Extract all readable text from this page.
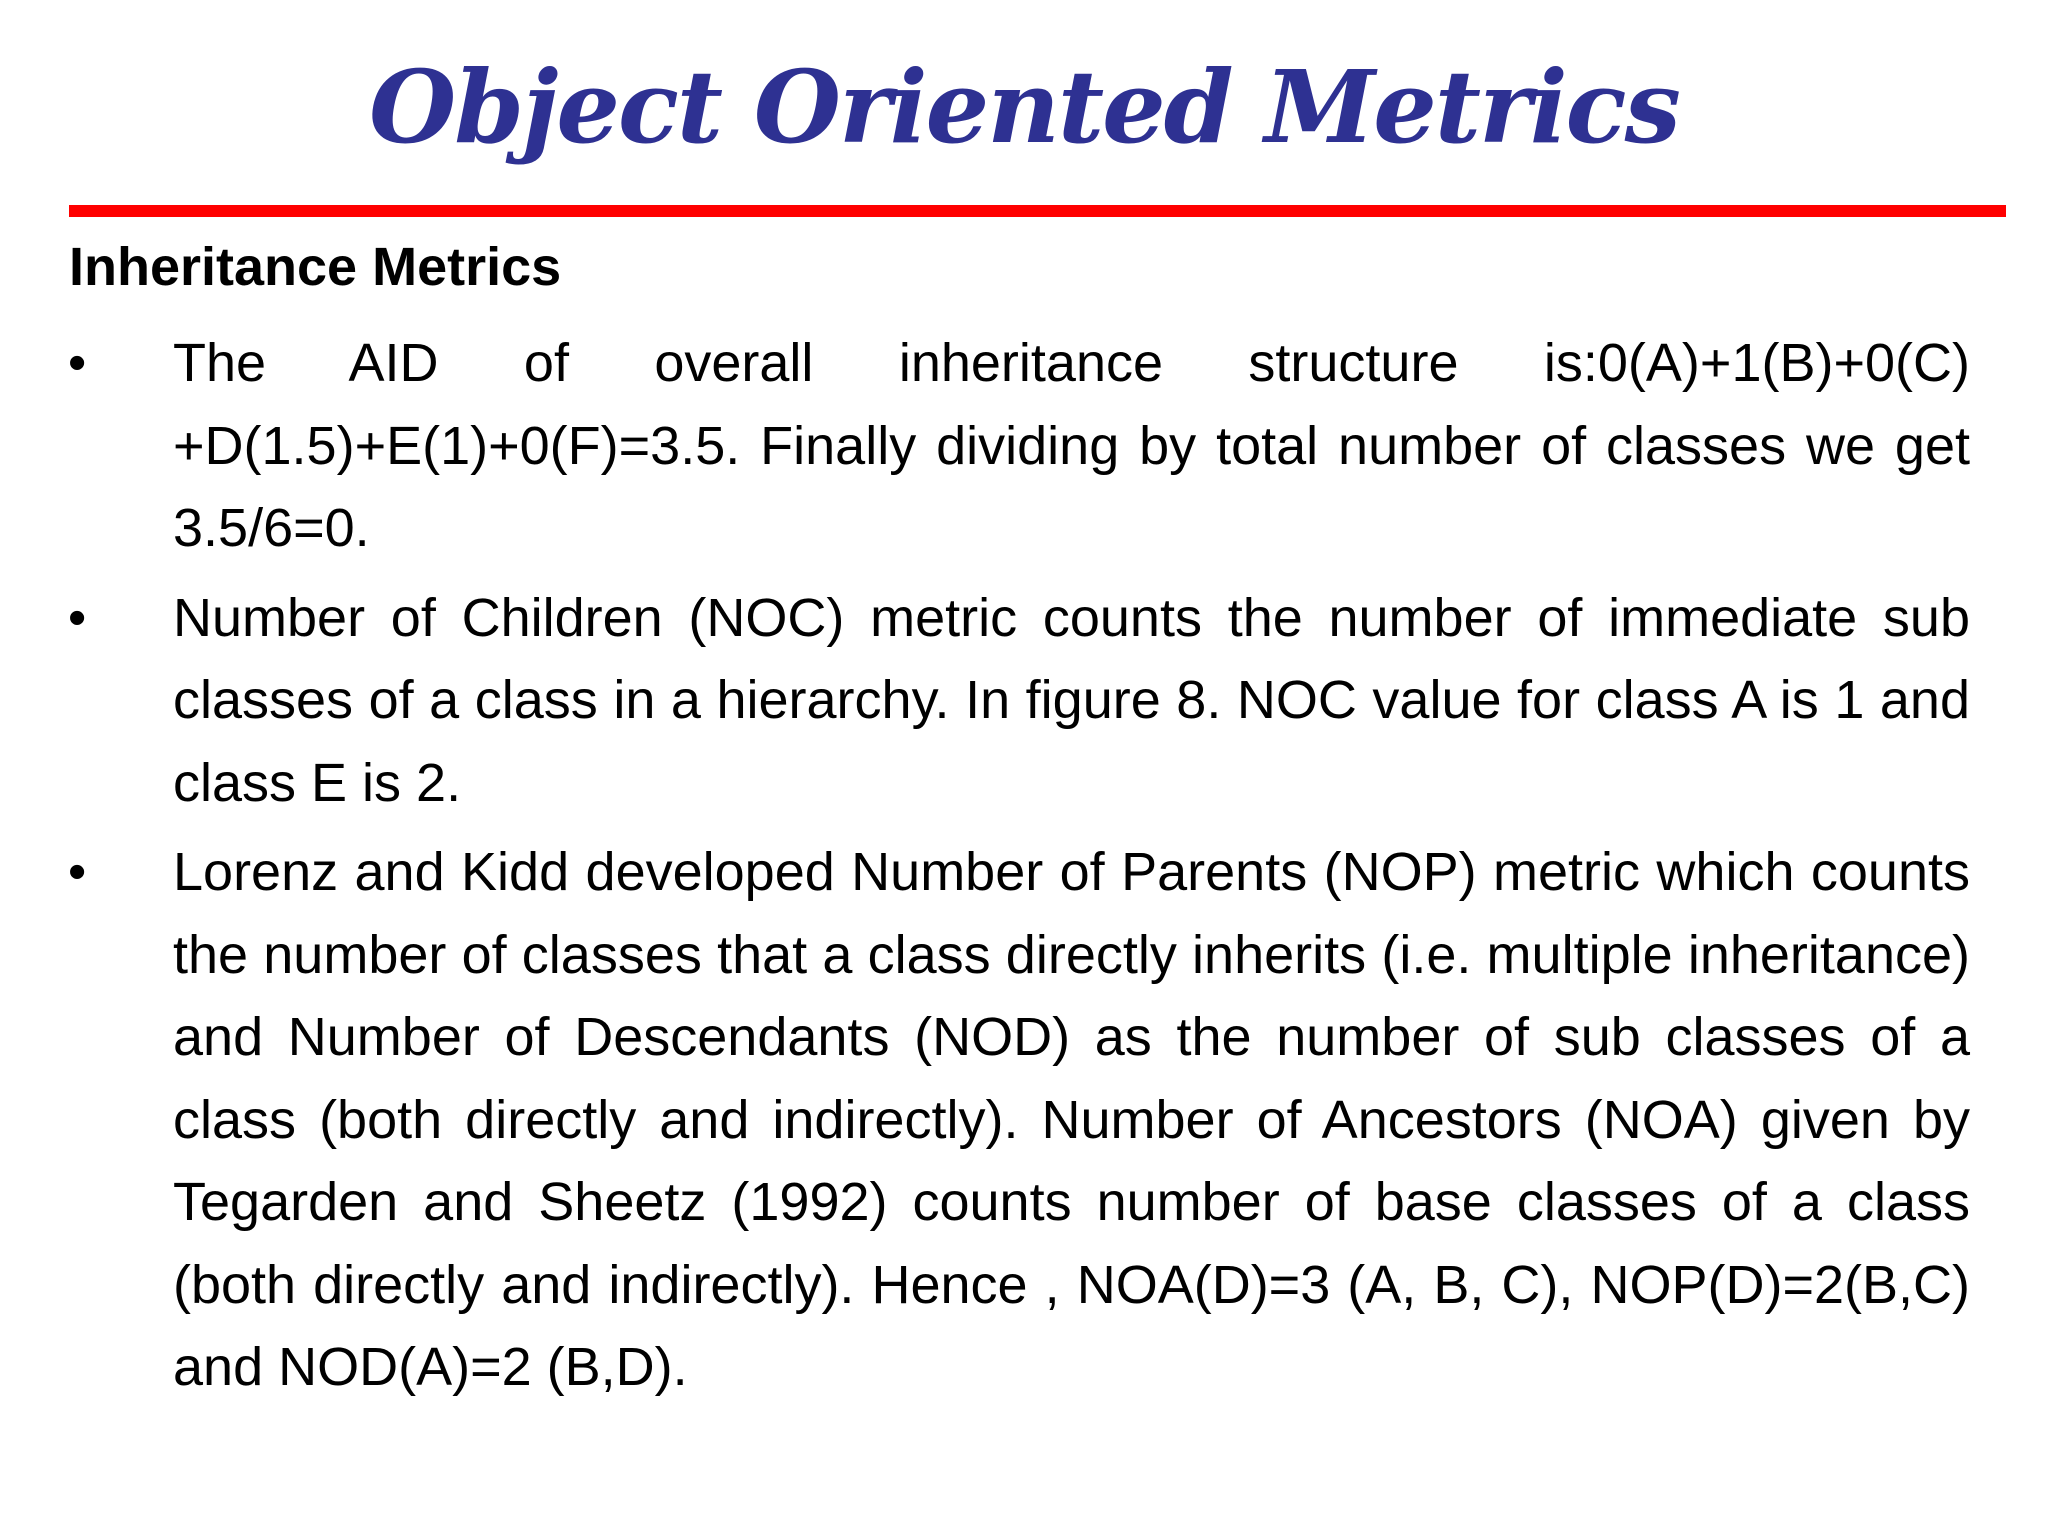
Object Oriented Metrics
Inheritance Metrics
• The AID of overall inheritance structure is:0(A)+1(B)+0(C) +D(1.5)+E(1)+0(F)=3.5. Finally dividing by total number of classes we get 3.5/6=0.
• Number of Children (NOC) metric counts the number of immediate sub classes of a class in a hierarchy. In figure 8. NOC value for class A is 1 and class E is 2.
• Lorenz and Kidd developed Number of Parents (NOP) metric which counts the number of classes that a class directly inherits (i.e. multiple inheritance) and Number of Descendants (NOD) as the number of sub classes of a class (both directly and indirectly). Number of Ancestors (NOA) given by Tegarden and Sheetz (1992) counts number of base classes of a class (both directly and indirectly). Hence , NOA(D)=3 (A, B, C), NOP(D)=2(B,C) and NOD(A)=2 (B,D).
